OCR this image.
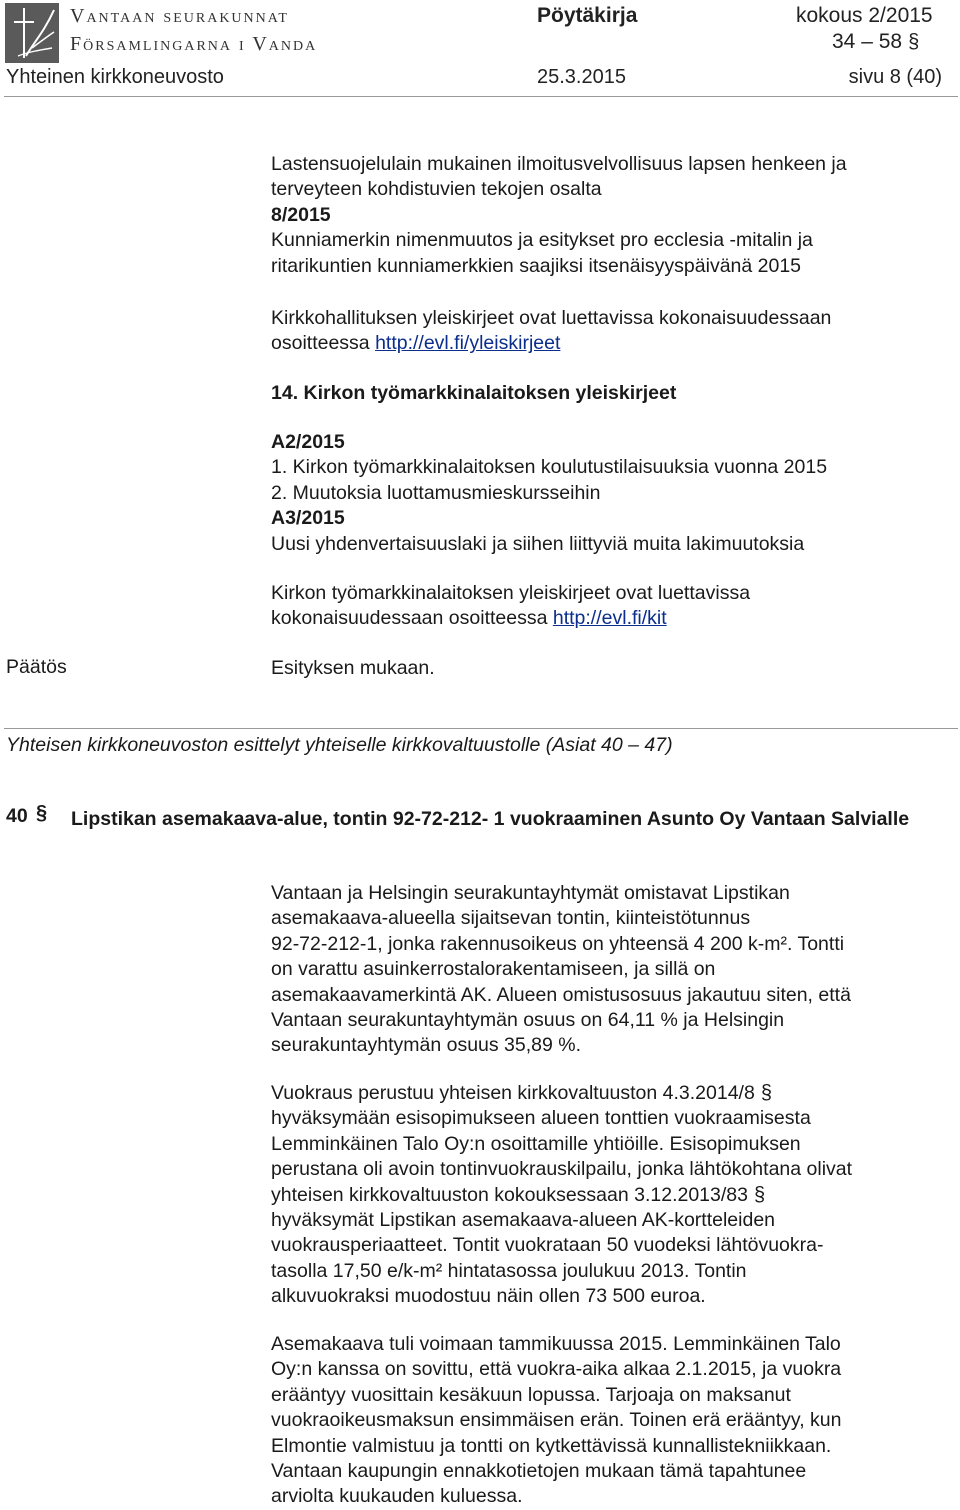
Vantaan seurakunnat
Församlingarna i Vanda
Pöytäkirja	kokous 2/2015
34 – 58 §
Yhteinen kirkkoneuvosto	25.3.2015	sivu 8 (40)

Lastensuojelulain mukainen ilmoitusvelvollisuus lapsen henkeen ja

terveyteen kohdistuvien tekojen osalta

8/2015

Kunniamerkin nimenmuutos ja esitykset pro ecclesia -mitalin ja

ritarikuntien kunniamerkkien saajiksi itsenäisyyspäivänä 2015

Kirkkohallituksen yleiskirjeet ovat luettavissa kokonaisuudessaan

osoitteessa http://evl.fi/yleiskirjeet

14. Kirkon työmarkkinalaitoksen yleiskirjeet

A2/2015

1. Kirkon työmarkkinalaitoksen koulutustilaisuuksia vuonna 2015

2. Muutoksia luottamusmieskursseihin

A3/2015

Uusi yhdenvertaisuuslaki ja siihen liittyviä muita lakimuutoksia

Kirkon työmarkkinalaitoksen yleiskirjeet ovat luettavissa

kokonaisuudessaan osoitteessa http://evl.fi/kit

Päätös	Esityksen mukaan.
Yhteisen kirkkoneuvoston esittelyt yhteiselle kirkkovaltuustolle (Asiat 40 – 47)
40 § Lipstikan asemakaava-alue, tontin 92-72-212- 1 vuokraaminen Asunto Oy Vantaan Salvialle

Vantaan ja Helsingin seurakuntayhtymät omistavat Lipstikan

asemakaava-alueella sijaitsevan tontin, kiinteistötunnus

92-72-212-1, jonka rakennusoikeus on yhteensä 4 200 k-m². Tontti

on varattu asuinkerrostalorakentamiseen, ja sillä on

asemakaavamerkintä AK. Alueen omistusosuus jakautuu siten, että

Vantaan seurakuntayhtymän osuus on 64,11 % ja Helsingin

seurakuntayhtymän osuus 35,89 %.

Vuokraus perustuu yhteisen kirkkovaltuuston 4.3.2014/8 §

hyväksymään esisopimukseen alueen tonttien vuokraamisesta

Lemminkäinen Talo Oy:n osoittamille yhtiöille. Esisopimuksen

perustana oli avoin tontinvuokrauskilpailu, jonka lähtökohtana olivat

yhteisen kirkkovaltuuston kokouksessaan 3.12.2013/83 §

hyväksymät Lipstikan asemakaava-alueen AK-kortteleiden

vuokrausperiaatteet. Tontit vuokrataan 50 vuodeksi lähtövuokra-

tasolla 17,50 e/k-m² hintatasossa joulukuu 2013. Tontin

alkuvuokraksi muodostuu näin ollen 73 500 euroa.

Asemakaava tuli voimaan tammikuussa 2015. Lemminkäinen Talo

Oy:n kanssa on sovittu, että vuokra-aika alkaa 2.1.2015, ja vuokra

erääntyy vuosittain kesäkuun lopussa. Tarjoaja on maksanut

vuokraoikeusmaksun ensimmäisen erän. Toinen erä erääntyy, kun

Elmontie valmistuu ja tontti on kytkettävissä kunnallistekniikkaan.

Vantaan kaupungin ennakkotietojen mukaan tämä tapahtunee

arviolta kuukauden kuluessa.
